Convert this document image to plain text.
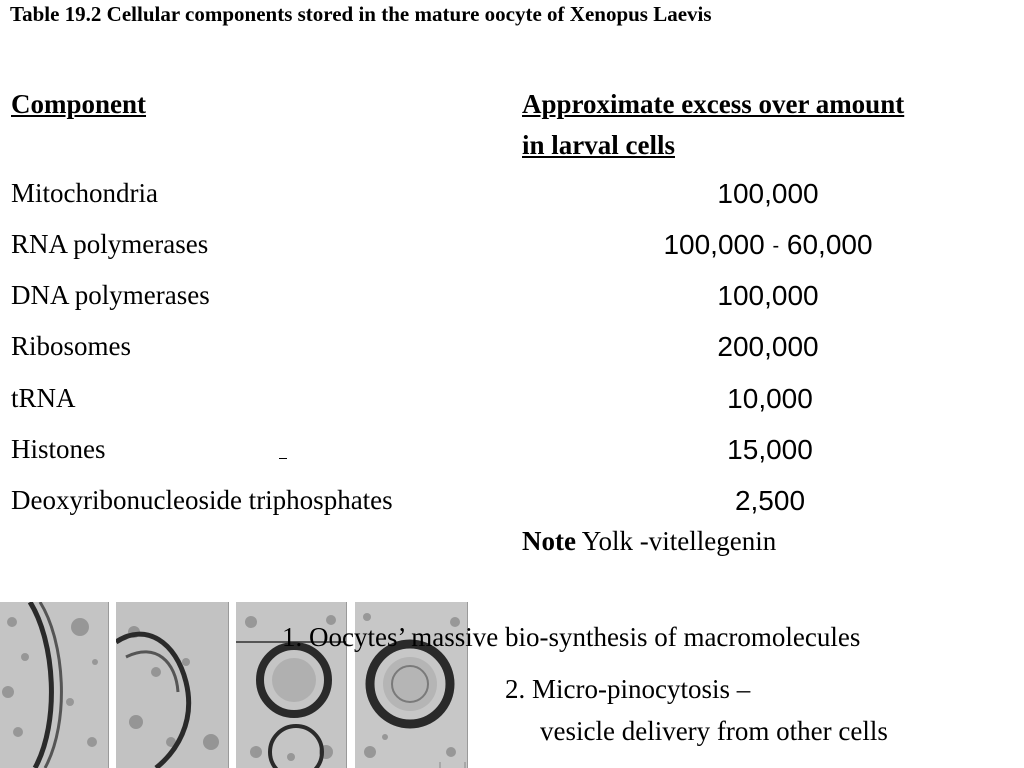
Table 19.2 Cellular components stored in the mature oocyte of Xenopus Laevis
Component	Approximate excess over amount
in larval cells
Mitochondria	100,000
RNA polymerases	100,000 - 60,000
DNA polymerases	100,000
Ribosomes	200,000
tRNA	10,000
Histones	15,000
Deoxyribonucleoside triphosphates	2,500
Note Yolk -vitellegenin
1. Oocytes’ massive bio-synthesis of macromolecules
2. Micro-pinocytosis –
vesicle delivery from other cells
